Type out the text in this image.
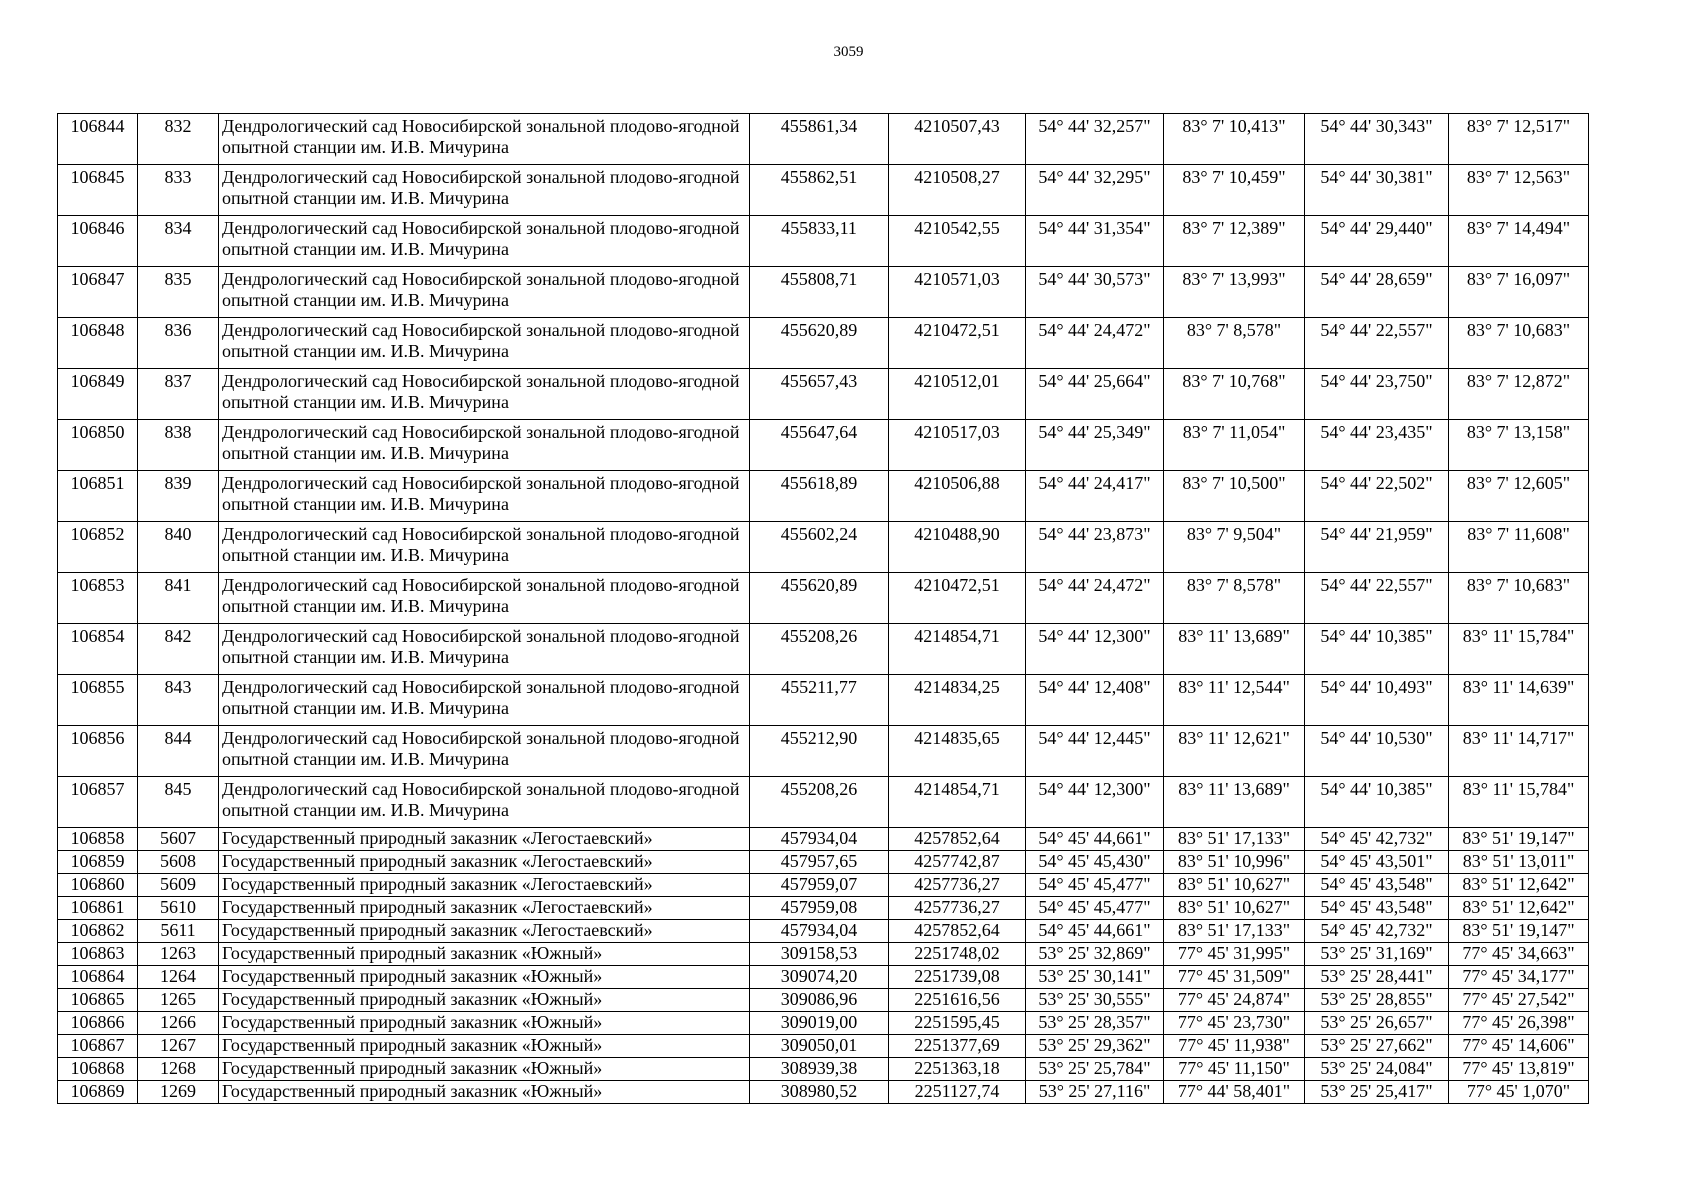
3059
106844	832	Дендрологический сад Новосибирской зональной плодово-ягодной опытной станции им. И.В. Мичурина	455861,34	4210507,43	54° 44' 32,257"	83° 7' 10,413"	54° 44' 30,343"	83° 7' 12,517"
106845	833	Дендрологический сад Новосибирской зональной плодово-ягодной опытной станции им. И.В. Мичурина	455862,51	4210508,27	54° 44' 32,295"	83° 7' 10,459"	54° 44' 30,381"	83° 7' 12,563"
106846	834	Дендрологический сад Новосибирской зональной плодово-ягодной опытной станции им. И.В. Мичурина	455833,11	4210542,55	54° 44' 31,354"	83° 7' 12,389"	54° 44' 29,440"	83° 7' 14,494"
106847	835	Дендрологический сад Новосибирской зональной плодово-ягодной опытной станции им. И.В. Мичурина	455808,71	4210571,03	54° 44' 30,573"	83° 7' 13,993"	54° 44' 28,659"	83° 7' 16,097"
106848	836	Дендрологический сад Новосибирской зональной плодово-ягодной опытной станции им. И.В. Мичурина	455620,89	4210472,51	54° 44' 24,472"	83° 7' 8,578"	54° 44' 22,557"	83° 7' 10,683"
106849	837	Дендрологический сад Новосибирской зональной плодово-ягодной опытной станции им. И.В. Мичурина	455657,43	4210512,01	54° 44' 25,664"	83° 7' 10,768"	54° 44' 23,750"	83° 7' 12,872"
106850	838	Дендрологический сад Новосибирской зональной плодово-ягодной опытной станции им. И.В. Мичурина	455647,64	4210517,03	54° 44' 25,349"	83° 7' 11,054"	54° 44' 23,435"	83° 7' 13,158"
106851	839	Дендрологический сад Новосибирской зональной плодово-ягодной опытной станции им. И.В. Мичурина	455618,89	4210506,88	54° 44' 24,417"	83° 7' 10,500"	54° 44' 22,502"	83° 7' 12,605"
106852	840	Дендрологический сад Новосибирской зональной плодово-ягодной опытной станции им. И.В. Мичурина	455602,24	4210488,90	54° 44' 23,873"	83° 7' 9,504"	54° 44' 21,959"	83° 7' 11,608"
106853	841	Дендрологический сад Новосибирской зональной плодово-ягодной опытной станции им. И.В. Мичурина	455620,89	4210472,51	54° 44' 24,472"	83° 7' 8,578"	54° 44' 22,557"	83° 7' 10,683"
106854	842	Дендрологический сад Новосибирской зональной плодово-ягодной опытной станции им. И.В. Мичурина	455208,26	4214854,71	54° 44' 12,300"	83° 11' 13,689"	54° 44' 10,385"	83° 11' 15,784"
106855	843	Дендрологический сад Новосибирской зональной плодово-ягодной опытной станции им. И.В. Мичурина	455211,77	4214834,25	54° 44' 12,408"	83° 11' 12,544"	54° 44' 10,493"	83° 11' 14,639"
106856	844	Дендрологический сад Новосибирской зональной плодово-ягодной опытной станции им. И.В. Мичурина	455212,90	4214835,65	54° 44' 12,445"	83° 11' 12,621"	54° 44' 10,530"	83° 11' 14,717"
106857	845	Дендрологический сад Новосибирской зональной плодово-ягодной опытной станции им. И.В. Мичурина	455208,26	4214854,71	54° 44' 12,300"	83° 11' 13,689"	54° 44' 10,385"	83° 11' 15,784"
106858	5607	Государственный природный заказник «Легостаевский»	457934,04	4257852,64	54° 45' 44,661"	83° 51' 17,133"	54° 45' 42,732"	83° 51' 19,147"
106859	5608	Государственный природный заказник «Легостаевский»	457957,65	4257742,87	54° 45' 45,430"	83° 51' 10,996"	54° 45' 43,501"	83° 51' 13,011"
106860	5609	Государственный природный заказник «Легостаевский»	457959,07	4257736,27	54° 45' 45,477"	83° 51' 10,627"	54° 45' 43,548"	83° 51' 12,642"
106861	5610	Государственный природный заказник «Легостаевский»	457959,08	4257736,27	54° 45' 45,477"	83° 51' 10,627"	54° 45' 43,548"	83° 51' 12,642"
106862	5611	Государственный природный заказник «Легостаевский»	457934,04	4257852,64	54° 45' 44,661"	83° 51' 17,133"	54° 45' 42,732"	83° 51' 19,147"
106863	1263	Государственный природный заказник «Южный»	309158,53	2251748,02	53° 25' 32,869"	77° 45' 31,995"	53° 25' 31,169"	77° 45' 34,663"
106864	1264	Государственный природный заказник «Южный»	309074,20	2251739,08	53° 25' 30,141"	77° 45' 31,509"	53° 25' 28,441"	77° 45' 34,177"
106865	1265	Государственный природный заказник «Южный»	309086,96	2251616,56	53° 25' 30,555"	77° 45' 24,874"	53° 25' 28,855"	77° 45' 27,542"
106866	1266	Государственный природный заказник «Южный»	309019,00	2251595,45	53° 25' 28,357"	77° 45' 23,730"	53° 25' 26,657"	77° 45' 26,398"
106867	1267	Государственный природный заказник «Южный»	309050,01	2251377,69	53° 25' 29,362"	77° 45' 11,938"	53° 25' 27,662"	77° 45' 14,606"
106868	1268	Государственный природный заказник «Южный»	308939,38	2251363,18	53° 25' 25,784"	77° 45' 11,150"	53° 25' 24,084"	77° 45' 13,819"
106869	1269	Государственный природный заказник «Южный»	308980,52	2251127,74	53° 25' 27,116"	77° 44' 58,401"	53° 25' 25,417"	77° 45' 1,070"
